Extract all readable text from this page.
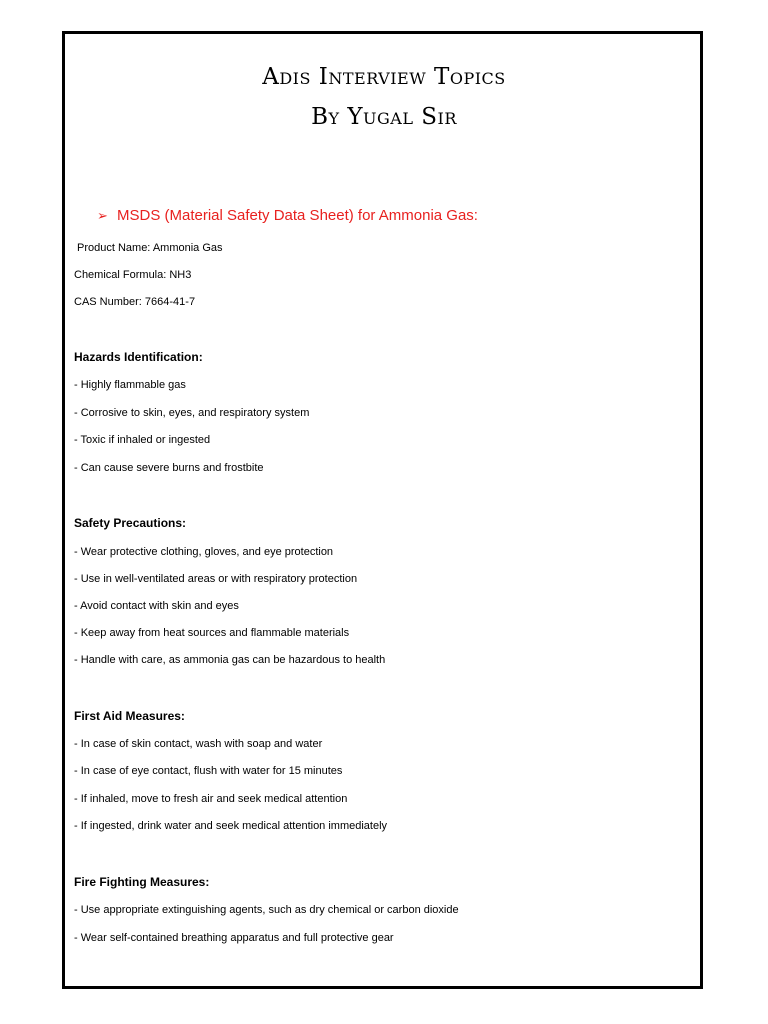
Adis Interview Topics
By Yugal Sir
➢ MSDS (Material Safety Data Sheet) for Ammonia Gas:
Product Name: Ammonia Gas
Chemical Formula: NH3
CAS Number: 7664-41-7
Hazards Identification:
- Highly flammable gas
- Corrosive to skin, eyes, and respiratory system
- Toxic if inhaled or ingested
- Can cause severe burns and frostbite
Safety Precautions:
- Wear protective clothing, gloves, and eye protection
- Use in well-ventilated areas or with respiratory protection
- Avoid contact with skin and eyes
- Keep away from heat sources and flammable materials
- Handle with care, as ammonia gas can be hazardous to health
First Aid Measures:
- In case of skin contact, wash with soap and water
- In case of eye contact, flush with water for 15 minutes
- If inhaled, move to fresh air and seek medical attention
- If ingested, drink water and seek medical attention immediately
Fire Fighting Measures:
- Use appropriate extinguishing agents, such as dry chemical or carbon dioxide
- Wear self-contained breathing apparatus and full protective gear
